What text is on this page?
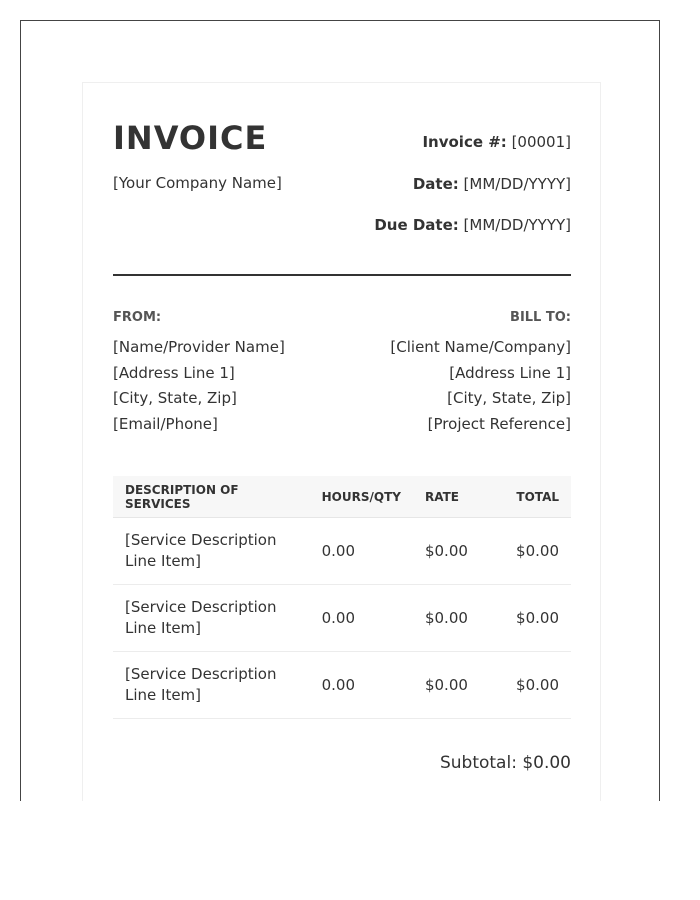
INVOICE
[Your Company Name]
Invoice #: [00001]
Date: [MM/DD/YYYY]
Due Date: [MM/DD/YYYY]
FROM:	BILL TO:
[Name/Provider Name]
[Address Line 1]
[City, State, Zip]
[Email/Phone]
[Client Name/Company]
[Address Line 1]
[City, State, Zip]
[Project Reference]
DESCRIPTION OF SERVICES	HOURS/QTY	RATE	TOTAL
[Service Description Line Item]	0.00	$0.00	$0.00
[Service Description Line Item]	0.00	$0.00	$0.00
[Service Description Line Item]	0.00	$0.00	$0.00
Subtotal: $0.00
